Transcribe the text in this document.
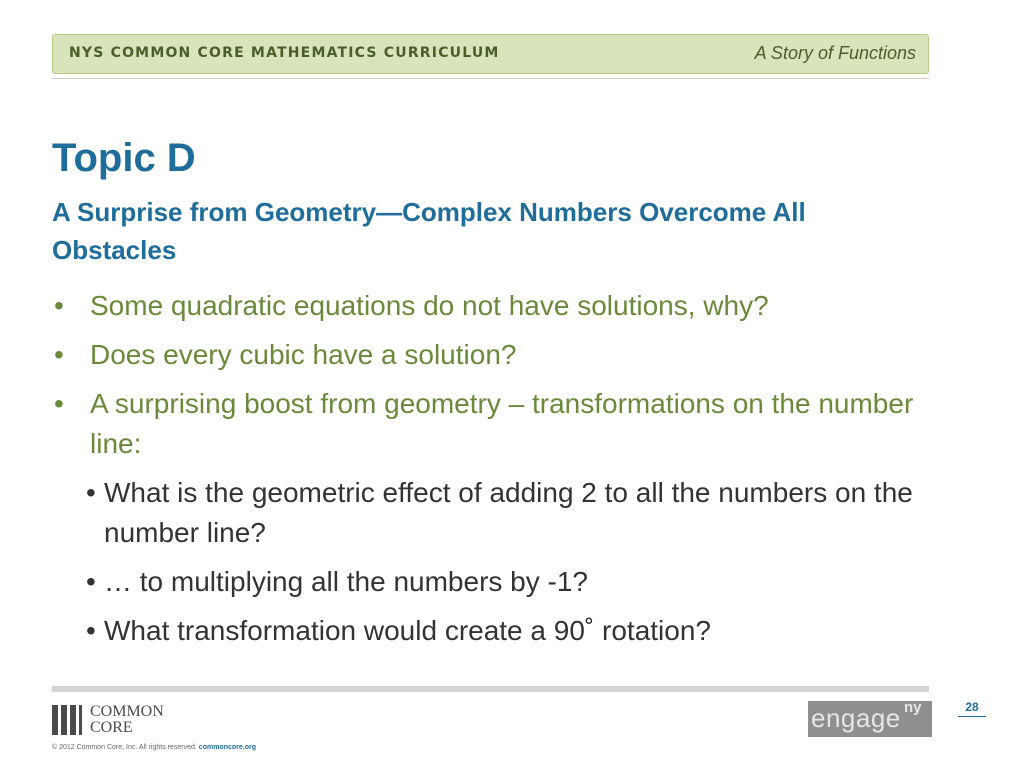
NYS COMMON CORE MATHEMATICS CURRICULUM	A Story of Functions
Topic D
A Surprise from Geometry—Complex Numbers Overcome All Obstacles
• Some quadratic equations do not have solutions, why?
• Does every cubic have a solution?
• A surprising boost from geometry – transformations on the number line:
• What is the geometric effect of adding 2 to all the numbers on the number line?
• … to multiplying all the numbers by -1?
• What transformation would create a 90˚ rotation?
COMMON
CORE
© 2012 Common Core, Inc. All rights reserved. commoncore.org
engage ny	28
